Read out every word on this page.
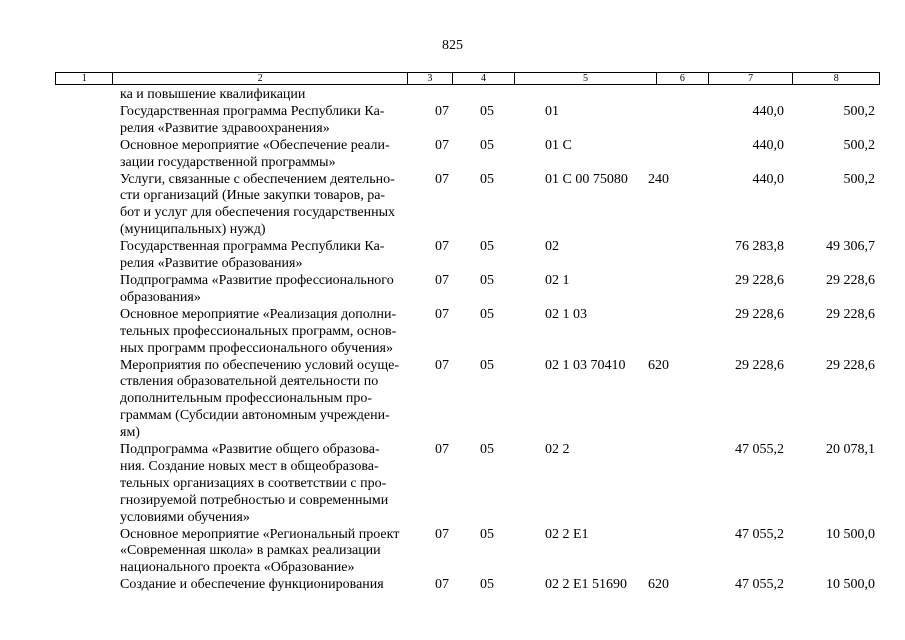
825
1	2	3	4	5	6	7	8
ка и повышение квалификации
Государственная программа Республики Ка-
релия «Развитие здравоохранения»
07 05	01	440,0	500,2
Основное мероприятие «Обеспечение реали-
зации государственной программы»
07 05	01 С	440,0	500,2
Услуги, связанные с обеспечением деятельно-
сти организаций (Иные закупки товаров, ра-
бот и услуг для обеспечения государственных
(муниципальных) нужд)
07 05	01 С 00 75080 240	440,0	500,2
Государственная программа Республики Ка-
релия «Развитие образования»
07 05	02	76 283,8	49 306,7
Подпрограмма «Развитие профессионального
образования»
07 05	02 1	29 228,6	29 228,6
Основное мероприятие «Реализация дополни-
тельных профессиональных программ, основ-
ных программ профессионального обучения»
07 05	02 1 03	29 228,6	29 228,6
Мероприятия по обеспечению условий осуще-
ствления образовательной деятельности по
дополнительным профессиональным про-
граммам (Субсидии автономным учреждени-
ям)
07 05	02 1 03 70410 620	29 228,6	29 228,6
Подпрограмма «Развитие общего образова-
ния. Создание новых мест в общеобразова-
тельных организациях в соответствии с про-
гнозируемой потребностью и современными
условиями обучения»
07 05	02 2	47 055,2	20 078,1
Основное мероприятие «Региональный проект
«Современная школа» в рамках реализации
национального проекта «Образование»
07 05	02 2 E1	47 055,2	10 500,0
Создание и обеспечение функционирования	07 05	02 2 E1 51690 620	47 055,2	10 500,0
